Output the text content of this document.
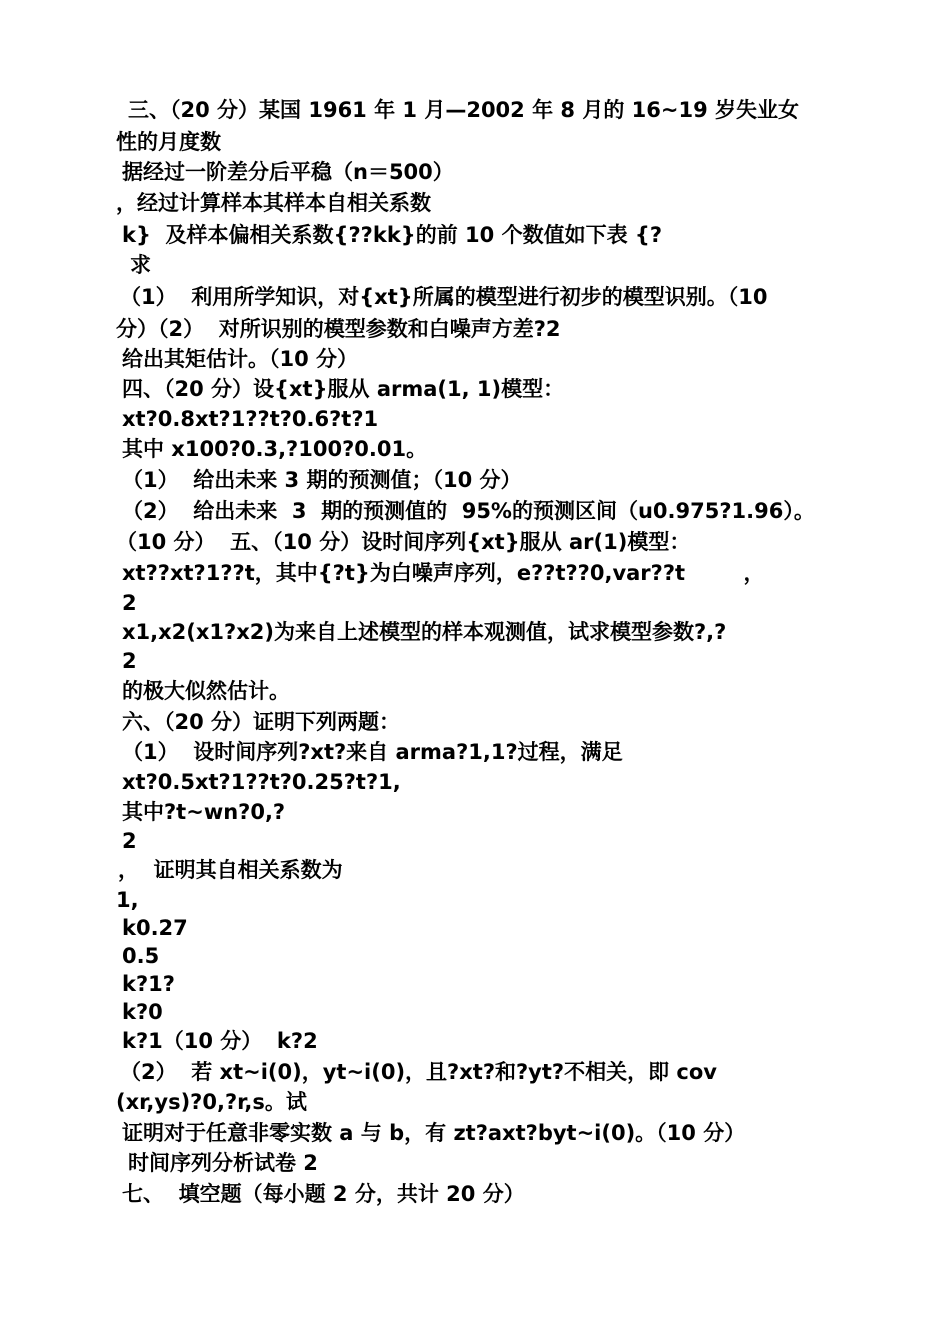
三、（20 分）某国 1961 年 1 月—2002 年 8 月的 16~19 岁失业女
性的月度数
据经过一阶差分后平稳（n＝500）
，经过计算样本其样本自相关系数
k}  及样本偏相关系数{??kk}的前 10 个数值如下表 {?
求
（1）  利用所学知识，对{xt}所属的模型进行初步的模型识别。（10
分）（2）  对所识别的模型参数和白噪声方差?2
给出其矩估计。（10 分）
四、（20 分）设{xt}服从 arma(1, 1)模型：
xt?0.8xt?1??t?0.6?t?1
其中 x100?0.3,?100?0.01。
（1）  给出未来 3 期的预测值；（10 分）
（2）  给出未来  3  期的预测值的  95%的预测区间（u0.975?1.96）。
（10 分）  五、（10 分）设时间序列{xt}服从 ar(1)模型：
xt??xt?1??t，其中{?t}为白噪声序列，e??t??0,var??t        ，
2
x1,x2(x1?x2)为来自上述模型的样本观测值，试求模型参数?,?
2
的极大似然估计。
六、（20 分）证明下列两题：
（1）  设时间序列?xt?来自 arma?1,1?过程，满足
xt?0.5xt?1??t?0.25?t?1,
其中?t~wn?0,?
2
，  证明其自相关系数为
1,
k0.27
0.5
k?1?
k?0
k?1（10 分）  k?2
（2）  若 xt~i(0)，yt~i(0)，且?xt?和?yt?不相关，即 cov
(xr,ys)?0,?r,s。试
证明对于任意非零实数 a 与 b，有 zt?axt?byt~i(0)。（10 分）
时间序列分析试卷 2
七、  填空题（每小题 2 分，共计 20 分）
